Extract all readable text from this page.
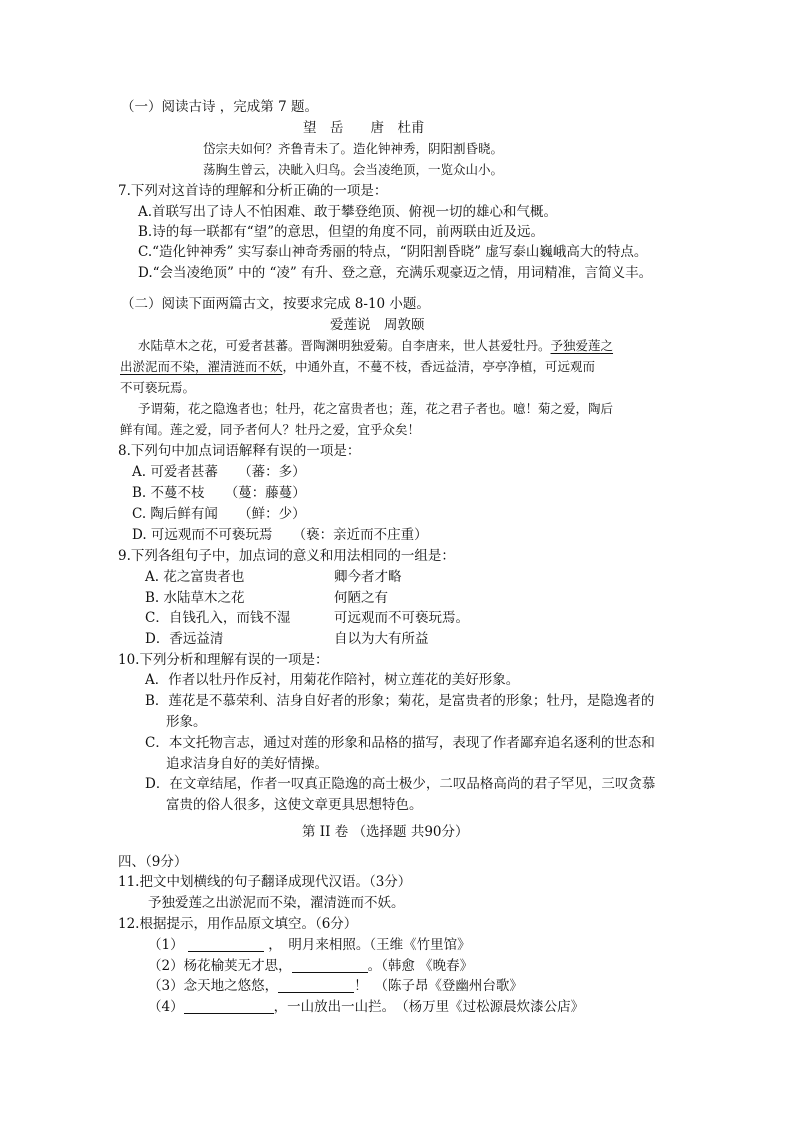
（一）阅读古诗 ，完成第 7 题。
望　岳　　唐　杜甫
岱宗夫如何？齐鲁青未了。造化钟神秀，阴阳割昏晓。
荡胸生曾云，决眦入归鸟。会当凌绝顶，一览众山小。
7.下列对这首诗的理解和分析正确的一项是：
A.首联写出了诗人不怕困难、敢于攀登绝顶、俯视一切的雄心和气概。
B.诗的每一联都有“望”的意思，但望的角度不同，前两联由近及远。
C.“造化钟神秀” 实写泰山神奇秀丽的特点，“阴阳割昏晓” 虚写泰山巍峨高大的特点。
D.“会当凌绝顶” 中的 “凌” 有升、登之意，充满乐观豪迈之情，用词精准，言简义丰。
（二）阅读下面两篇古文，按要求完成 8-10 小题。
爱莲说　周敦颐
水陆草木之花，可爱者甚蕃。晋陶渊明独爱菊。自李唐来，世人甚爱牡丹。予独爱莲之
出淤泥而不染，濯清涟而不妖，中通外直，不蔓不枝，香远益清，亭亭净植，可远观而
不可亵玩焉。
予谓菊，花之隐逸者也；牡丹，花之富贵者也；莲，花之君子者也。噫！菊之爱，陶后
鲜有闻。莲之爱，同予者何人？牡丹之爱，宜乎众矣！
8.下列句中加点词语解释有误的一项是：
A. 可爱者甚蕃　　（蕃：多）
B. 不蔓不枝　　（蔓：藤蔓）
C. 陶后鲜有闻　　（鲜：少）
D. 可远观而不可亵玩焉　　（亵：亲近而不庄重）
9.下列各组句子中，加点词的意义和用法相同的一组是：
A. 花之富贵者也	卿今者才略
B. 水陆草木之花	何陋之有
C．自钱孔入，而钱不湿	可远观而不可亵玩焉。
D．香远益清	自以为大有所益
10.下列分析和理解有误的一项是：
A．作者以牡丹作反衬，用菊花作陪衬，树立莲花的美好形象。
B．莲花是不慕荣利、洁身自好者的形象；菊花，是富贵者的形象；牡丹，是隐逸者的
形象。
C．本文托物言志，通过对莲的形象和品格的描写，表现了作者鄙弃追名逐利的世态和
追求洁身自好的美好情操。
D．在文章结尾，作者一叹真正隐逸的高士极少，二叹品格高尚的君子罕见，三叹贪慕
富贵的俗人很多，这使文章更具思想特色。
第 II 卷 （选择题 共90分）
四、（9分）
11.把文中划横线的句子翻译成现代汉语。（3分）
予独爱莲之出淤泥而不染，濯清涟而不妖。
12.根据提示，用作品原文填空。（6分）
（1）	，　明月来相照。（王维《竹里馆》
（2）杨花榆荚无才思，	。（韩愈 《晚春》
（3）念天地之悠悠，	！　（陈子昂《登幽州台歌》
（4）	，一山放出一山拦。　（杨万里《过松源晨炊漆公店》
